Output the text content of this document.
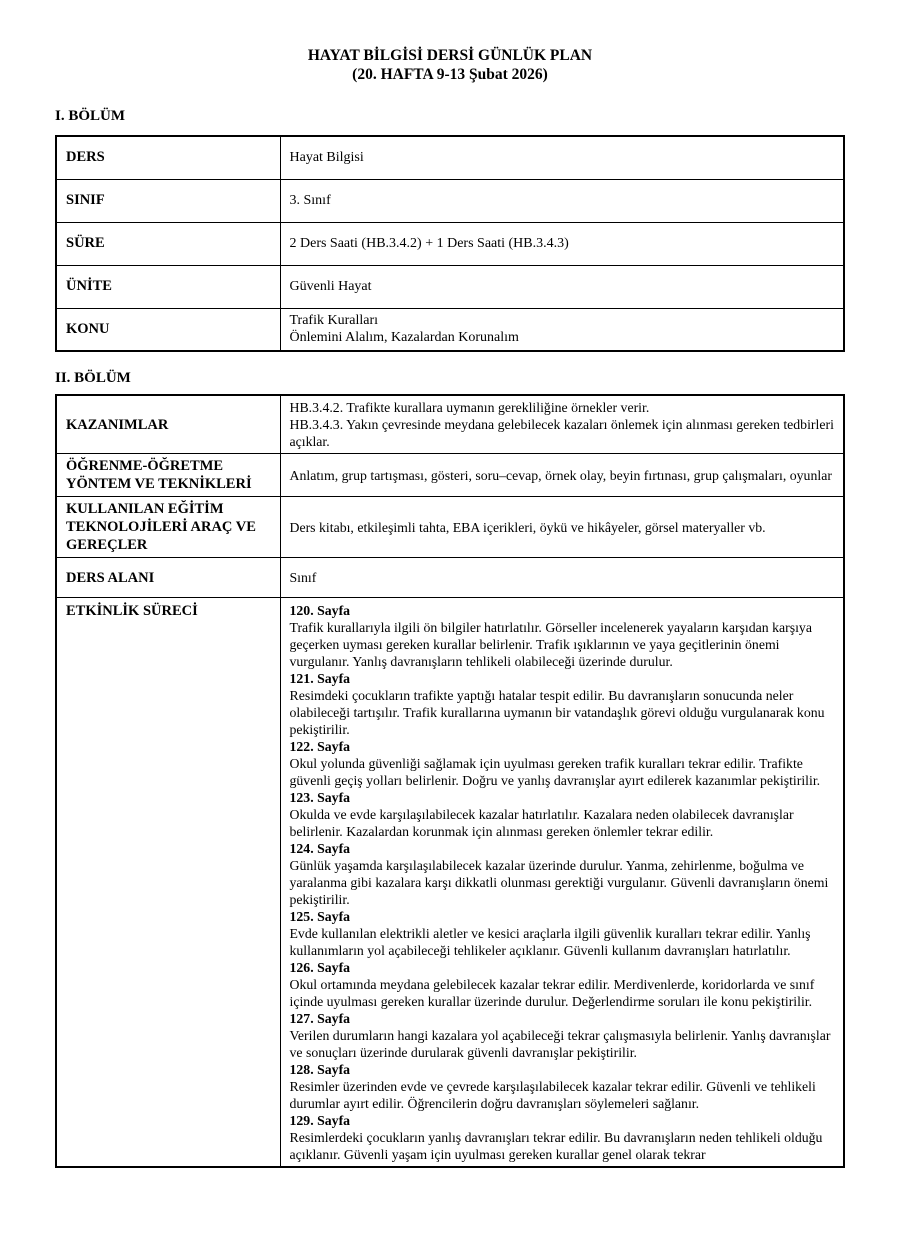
HAYAT BİLGİSİ DERSİ GÜNLÜK PLAN
(20. HAFTA 9-13 Şubat 2026)
I. BÖLÜM
DERS	Hayat Bilgisi

SINIF	3. Sınıf

SÜRE	2 Ders Saati (HB.3.4.2) + 1 Ders Saati (HB.3.4.3)

ÜNİTE	Güvenli Hayat

KONU	Trafik Kuralları
Önlemini Alalım, Kazalardan Korunalım
II. BÖLÜM
KAZANIMLAR	HB.3.4.2. Trafikte kurallara uymanın gerekliliğine örnekler verir.
HB.3.4.3. Yakın çevresinde meydana gelebilecek kazaları önlemek için alınması gereken tedbirleri açıklar.

ÖĞRENME-ÖĞRETME YÖNTEM VE TEKNİKLERİ	Anlatım, grup tartışması, gösteri, soru–cevap, örnek olay, beyin fırtınası, grup çalışmaları, oyunlar
KULLANILAN EĞİTİM TEKNOLOJİLERİ ARAÇ VE GEREÇLER	Ders kitabı, etkileşimli tahta, EBA içerikleri, öykü ve hikâyeler, görsel materyaller vb.
DERS ALANI	Sınıf
ETKİNLİK SÜRECİ	120. Sayfa
Trafik kurallarıyla ilgili ön bilgiler hatırlatılır. Görseller incelenerek yayaların karşıdan karşıya geçerken uyması gereken kurallar belirlenir. Trafik ışıklarının ve yaya geçitlerinin önemi vurgulanır. Yanlış davranışların tehlikeli olabileceği üzerinde durulur.
121. Sayfa
Resimdeki çocukların trafikte yaptığı hatalar tespit edilir. Bu davranışların sonucunda neler olabileceği tartışılır. Trafik kurallarına uymanın bir vatandaşlık görevi olduğu vurgulanarak konu pekiştirilir.
122. Sayfa
Okul yolunda güvenliği sağlamak için uyulması gereken trafik kuralları tekrar edilir. Trafikte güvenli geçiş yolları belirlenir. Doğru ve yanlış davranışlar ayırt edilerek kazanımlar pekiştirilir.
123. Sayfa
Okulda ve evde karşılaşılabilecek kazalar hatırlatılır. Kazalara neden olabilecek davranışlar belirlenir. Kazalardan korunmak için alınması gereken önlemler tekrar edilir.
124. Sayfa
Günlük yaşamda karşılaşılabilecek kazalar üzerinde durulur. Yanma, zehirlenme, boğulma ve yaralanma gibi kazalara karşı dikkatli olunması gerektiği vurgulanır. Güvenli davranışların önemi pekiştirilir.
125. Sayfa
Evde kullanılan elektrikli aletler ve kesici araçlarla ilgili güvenlik kuralları tekrar edilir. Yanlış kullanımların yol açabileceği tehlikeler açıklanır. Güvenli kullanım davranışları hatırlatılır.
126. Sayfa
Okul ortamında meydana gelebilecek kazalar tekrar edilir. Merdivenlerde, koridorlarda ve sınıf içinde uyulması gereken kurallar üzerinde durulur. Değerlendirme soruları ile konu pekiştirilir.
127. Sayfa
Verilen durumların hangi kazalara yol açabileceği tekrar çalışmasıyla belirlenir. Yanlış davranışlar ve sonuçları üzerinde durularak güvenli davranışlar pekiştirilir.
128. Sayfa
Resimler üzerinden evde ve çevrede karşılaşılabilecek kazalar tekrar edilir. Güvenli ve tehlikeli durumlar ayırt edilir. Öğrencilerin doğru davranışları söylemeleri sağlanır.
129. Sayfa
Resimlerdeki çocukların yanlış davranışları tekrar edilir. Bu davranışların neden tehlikeli olduğu açıklanır. Güvenli yaşam için uyulması gereken kurallar genel olarak tekrar
